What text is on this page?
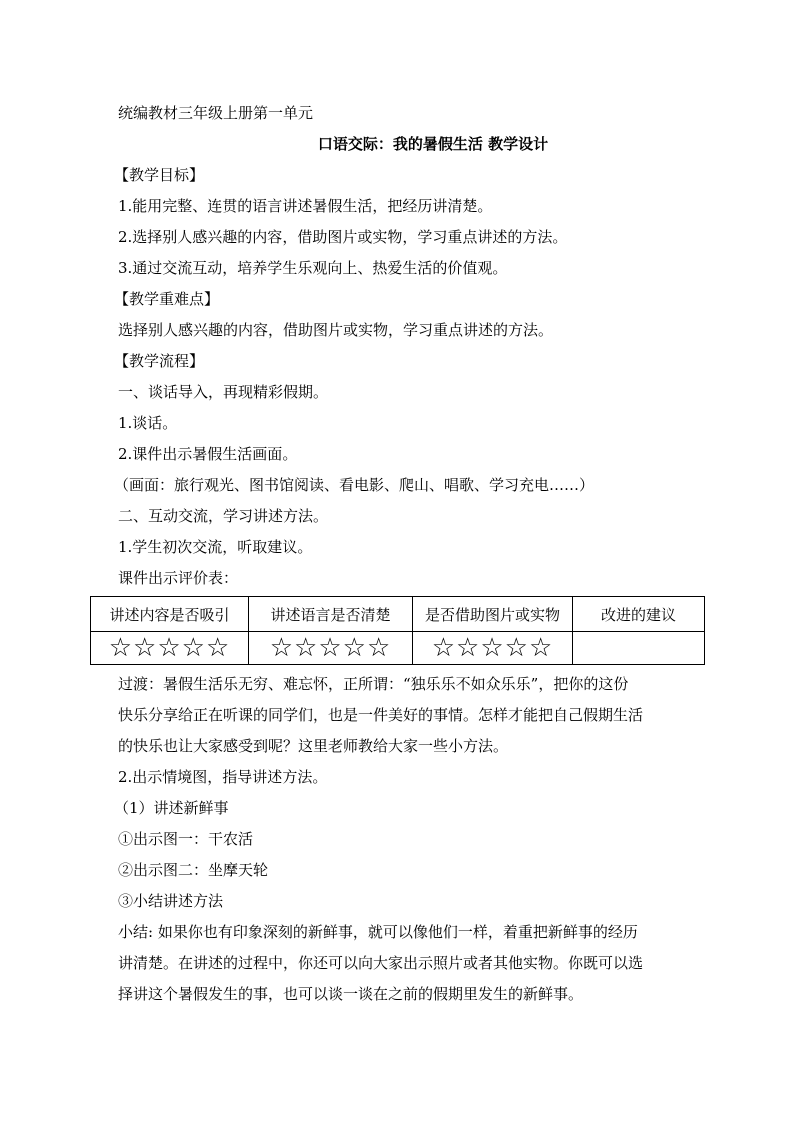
统编教材三年级上册第一单元
口语交际：我的暑假生活 教学设计
【教学目标】
1.能用完整、连贯的语言讲述暑假生活，把经历讲清楚。
2.选择别人感兴趣的内容，借助图片或实物，学习重点讲述的方法。
3.通过交流互动，培养学生乐观向上、热爱生活的价值观。
【教学重难点】
选择别人感兴趣的内容，借助图片或实物，学习重点讲述的方法。
【教学流程】
一、谈话导入，再现精彩假期。
1.谈话。
2.课件出示暑假生活画面。
（画面：旅行观光、图书馆阅读、看电影、爬山、唱歌、学习充电……）
二、互动交流，学习讲述方法。
1.学生初次交流，听取建议。
课件出示评价表：
讲述内容是否吸引	讲述语言是否清楚	是否借助图片或实物	改进的建议
☆☆☆☆☆	☆☆☆☆☆	☆☆☆☆☆	
过渡：暑假生活乐无穷、难忘怀，正所谓：“独乐乐不如众乐乐”，把你的这份
快乐分享给正在听课的同学们，也是一件美好的事情。怎样才能把自己假期生活
的快乐也让大家感受到呢？这里老师教给大家一些小方法。
2.出示情境图，指导讲述方法。
（1）讲述新鲜事
①出示图一：干农活
②出示图二：坐摩天轮
③小结讲述方法
小结: 如果你也有印象深刻的新鲜事，就可以像他们一样，着重把新鲜事的经历
讲清楚。在讲述的过程中，你还可以向大家出示照片或者其他实物。你既可以选
择讲这个暑假发生的事，也可以谈一谈在之前的假期里发生的新鲜事。
